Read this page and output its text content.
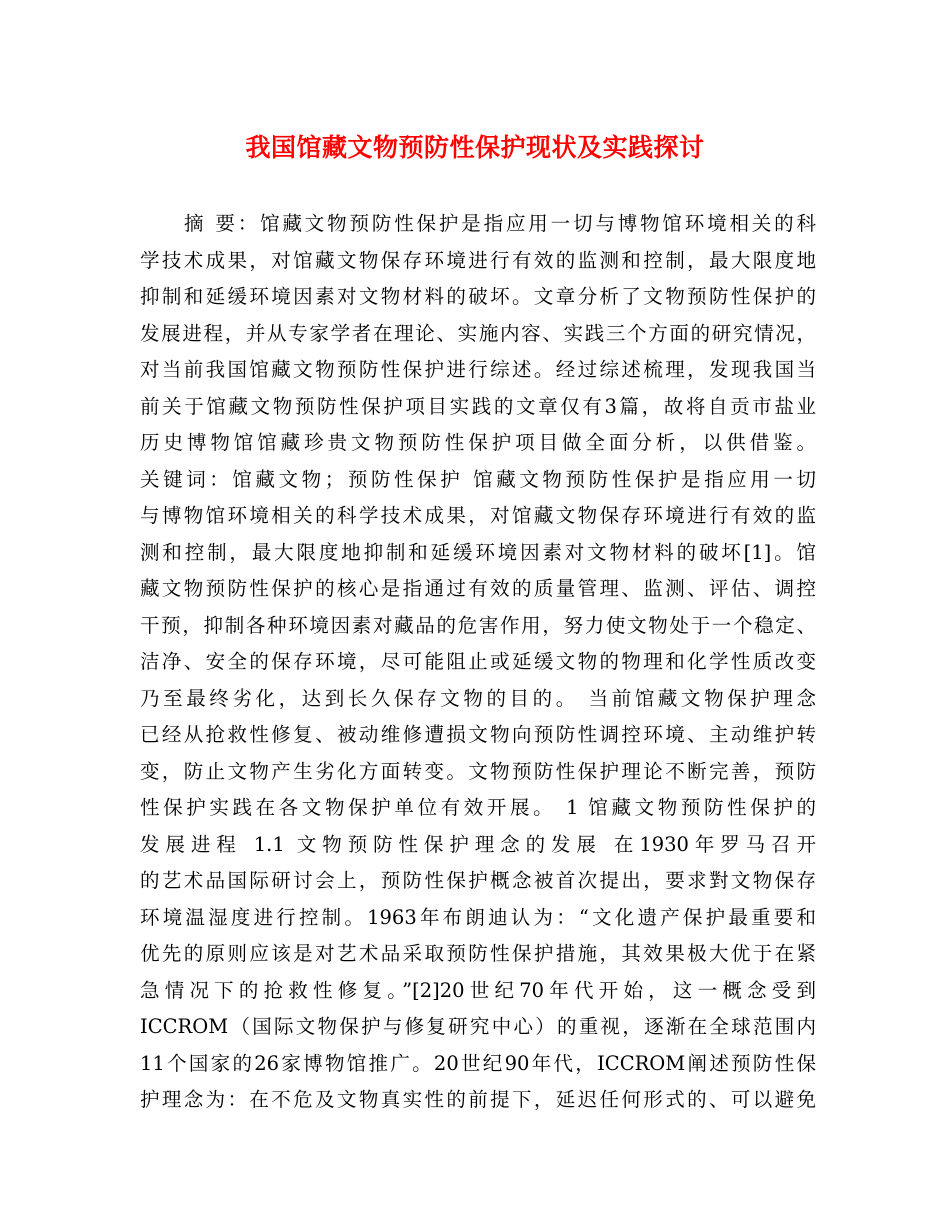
我国馆藏文物预防性保护现状及实践探讨
摘 要：馆藏文物预防性保护是指应用一切与博物馆环境相关的科
学技术成果，对馆藏文物保存环境进行有效的监测和控制，最大限度地
抑制和延缓环境因素对文物材料的破坏。文章分析了文物预防性保护的
发展进程，并从专家学者在理论、实施内容、实践三个方面的研究情况，
对当前我国馆藏文物预防性保护进行综述。经过综述梳理，发现我国当
前关于馆藏文物预防性保护项目实践的文章仅有3篇，故将自贡市盐业
历史博物馆馆藏珍贵文物预防性保护项目做全面分析，以供借鉴。
关键词：馆藏文物；预防性保护 馆藏文物预防性保护是指应用一切
与博物馆环境相关的科学技术成果，对馆藏文物保存环境进行有效的监
测和控制，最大限度地抑制和延缓环境因素对文物材料的破坏[1]。馆
藏文物预防性保护的核心是指通过有效的质量管理、监测、评估、调控
干预，抑制各种环境因素对藏品的危害作用，努力使文物处于一个稳定、
洁净、安全的保存环境，尽可能阻止或延缓文物的物理和化学性质改变
乃至最终劣化，达到长久保存文物的目的。 当前馆藏文物保护理念
已经从抢救性修复、被动维修遭损文物向预防性调控环境、主动维护转
变，防止文物产生劣化方面转变。文物预防性保护理论不断完善，预防
性保护实践在各文物保护单位有效开展。 1 馆藏文物预防性保护的
发展进程 1.1 文物预防性保护理念的发展 在1930年罗马召开
的艺术品国际研讨会上，预防性保护概念被首次提出，要求對文物保存
环境温湿度进行控制。1963年布朗迪认为：“文化遗产保护最重要和
优先的原则应该是对艺术品采取预防性保护措施，其效果极大优于在紧
急情况下的抢救性修复。”[2]20世纪70年代开始，这一概念受到
ICCROM（国际文物保护与修复研究中心）的重视，逐渐在全球范围内
11个国家的26家博物馆推广。20世纪90年代，ICCROM阐述预防性保
护理念为：在不危及文物真实性的前提下，延迟任何形式的、可以避免
